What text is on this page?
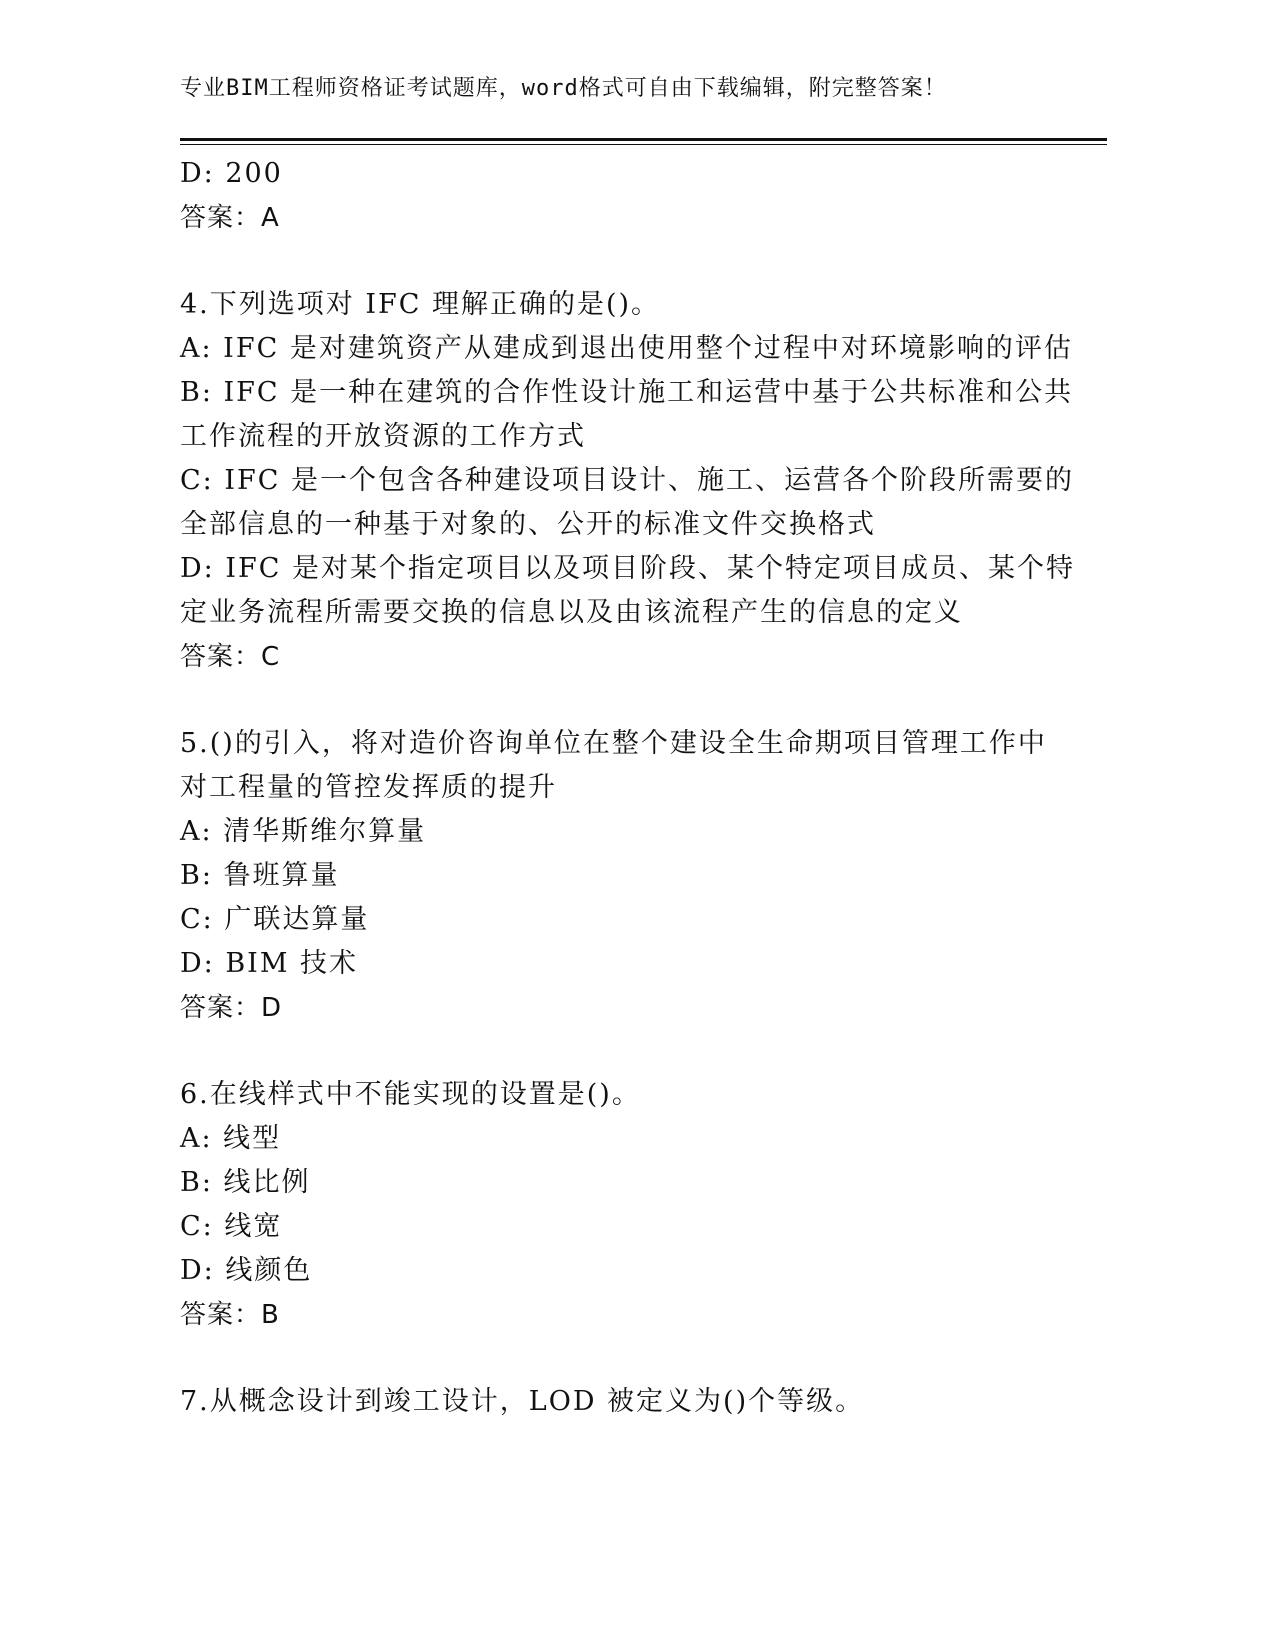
专业BIM工程师资格证考试题库，word格式可自由下载编辑，附完整答案！
D: 200
答案：A
4.下列选项对 IFC 理解正确的是()。
A: IFC 是对建筑资产从建成到退出使用整个过程中对环境影响的评估
B: IFC 是一种在建筑的合作性设计施工和运营中基于公共标准和公共
工作流程的开放资源的工作方式
C: IFC 是一个包含各种建设项目设计、施工、运营各个阶段所需要的
全部信息的一种基于对象的、公开的标准文件交换格式
D: IFC 是对某个指定项目以及项目阶段、某个特定项目成员、某个特
定业务流程所需要交换的信息以及由该流程产生的信息的定义
答案：C
5.()的引入，将对造价咨询单位在整个建设全生命期项目管理工作中
对工程量的管控发挥质的提升
A: 清华斯维尔算量
B: 鲁班算量
C: 广联达算量
D: BIM 技术
答案：D
6.在线样式中不能实现的设置是()。
A: 线型
B: 线比例
C: 线宽
D: 线颜色
答案：B
7.从概念设计到竣工设计，LOD 被定义为()个等级。
